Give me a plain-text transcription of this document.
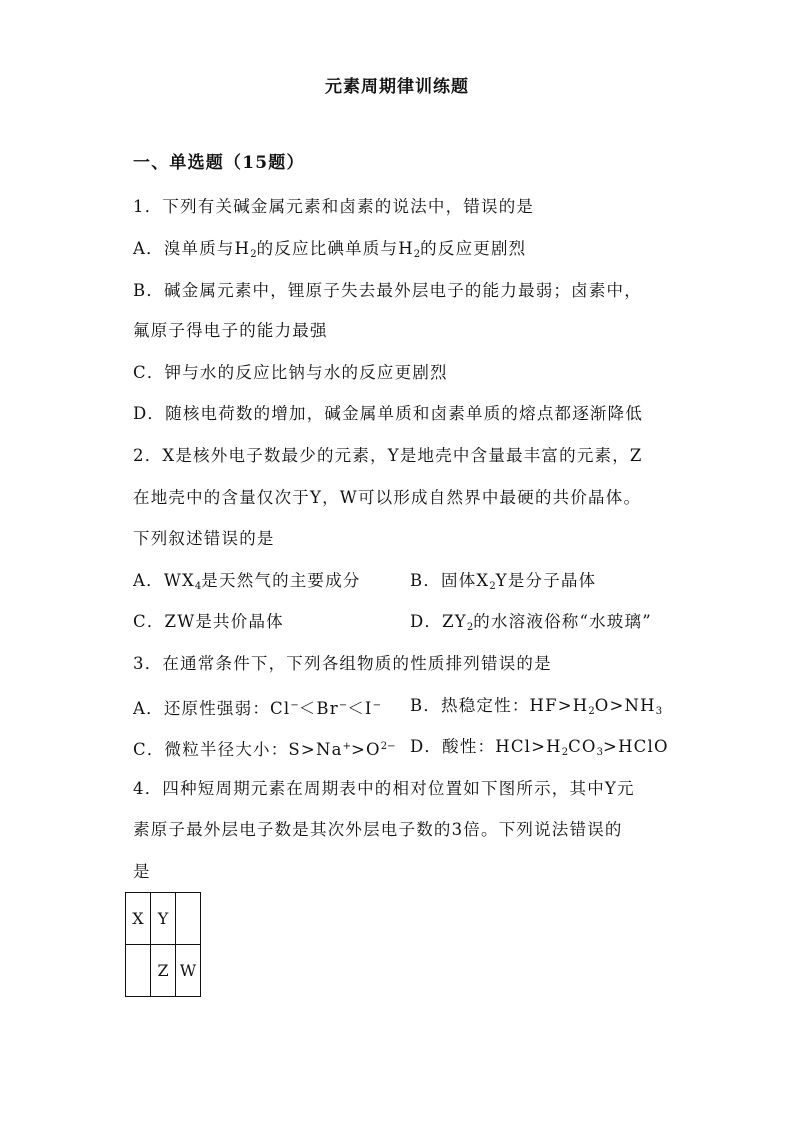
元素周期律训练题
一、单选题（15题）
1．下列有关碱金属元素和卤素的说法中，错误的是
A．溴单质与$H_2$的反应比碘单质与$H_2$的反应更剧烈
B．碱金属元素中，锂原子失去最外层电子的能力最弱；卤素中，
氟原子得电子的能力最强
C．钾与水的反应比钠与水的反应更剧烈
D．随核电荷数的增加，碱金属单质和卤素单质的熔点都逐渐降低
2．X是核外电子数最少的元素，Y是地壳中含量最丰富的元素，Z
在地壳中的含量仅次于Y，W可以形成自然界中最硬的共价晶体。
下列叙述错误的是
A．$WX_4$是天然气的主要成分	B．固体$X_2Y$是分子晶体
C．ZW是共价晶体	D．$ZY_2$的水溶液俗称“水玻璃”
3．在通常条件下，下列各组物质的性质排列错误的是
A．还原性强弱：Cl−＜Br−＜I− B．热稳定性：$HF>H_2O>NH_3$
C．微粒半径大小：$S>Na^+>O^{2-}$ D．酸性：$HCl>H_2CO_3>HClO$
4．四种短周期元素在周期表中的相对位置如下图所示，其中Y元
素原子最外层电子数是其次外层电子数的3倍。下列说法错误的
是
X	Y	
	Z	W
